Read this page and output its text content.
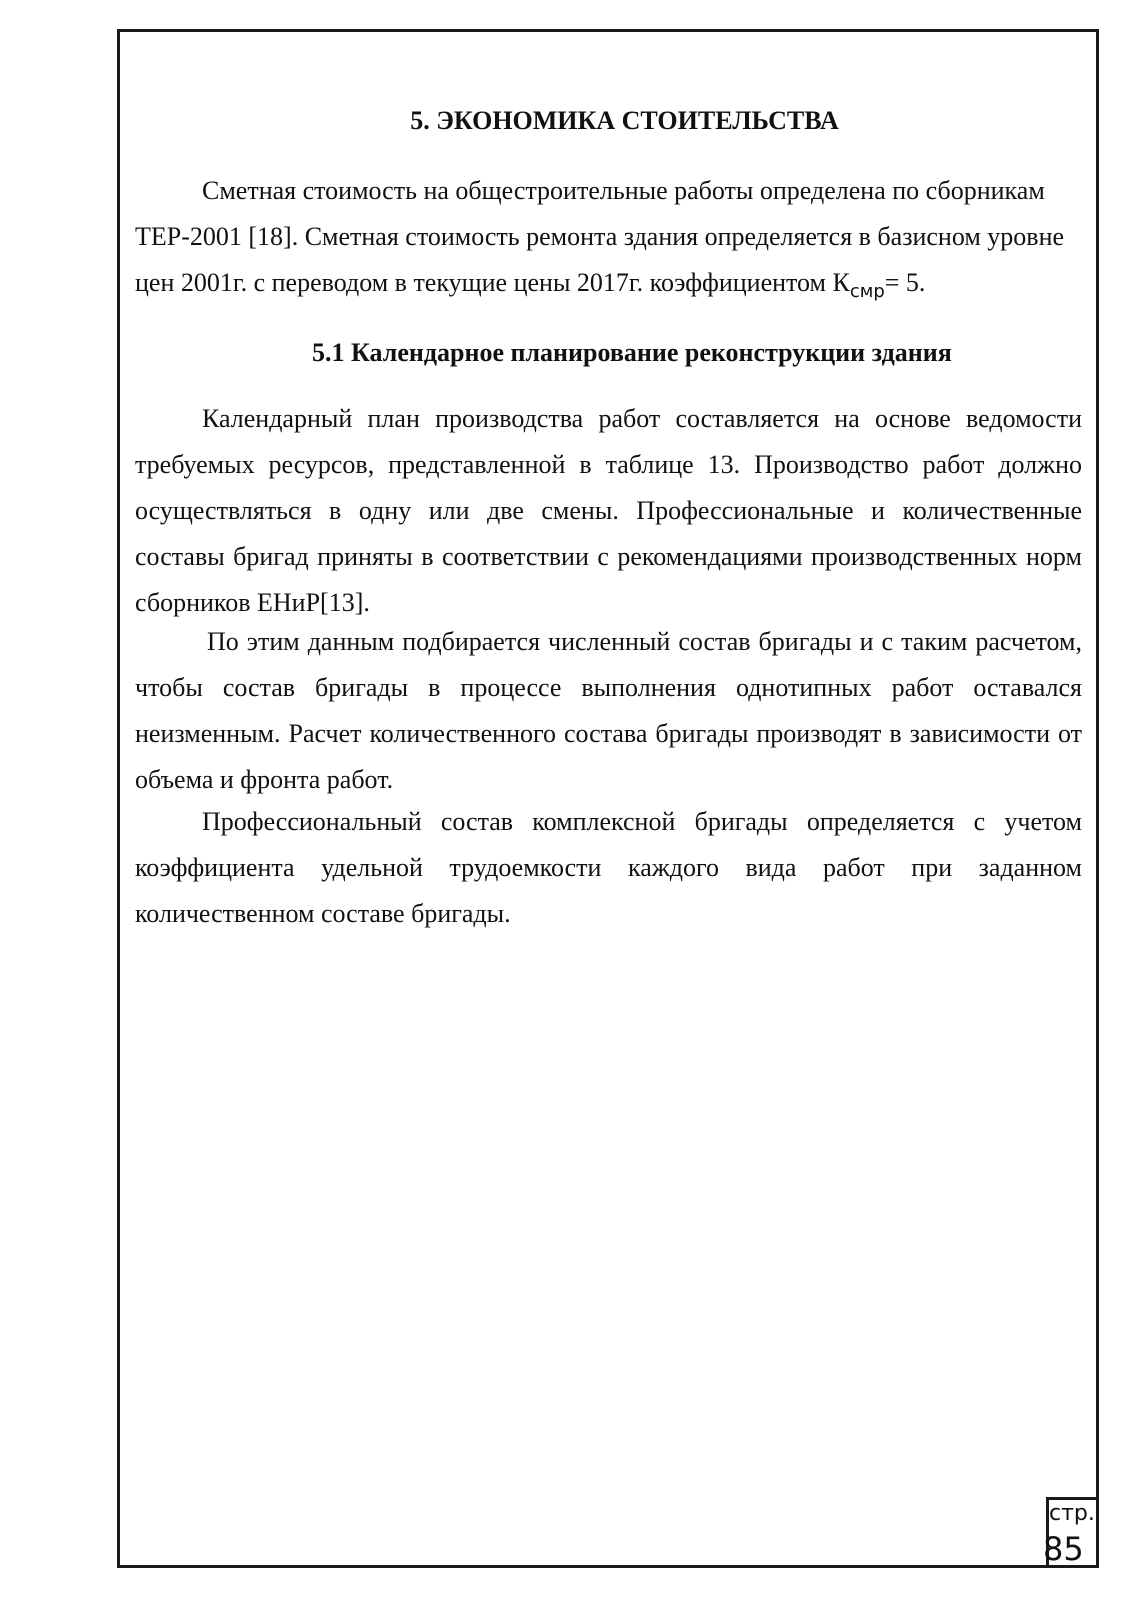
5. ЭКОНОМИКА СТОИТЕЛЬСТВА

Сметная стоимость на общестроительные работы определена по сборникам ТЕР-2001 [18]. Сметная стоимость ремонта здания определяется в базисном уровне цен 2001г. с переводом в текущие цены 2017г. коэффициентом $К_{смр}= 5$.

5.1 Календарное планирование реконструкции здания

Календарный план производства работ составляется на основе ведомости требуемых ресурсов, представленной в таблице 13. Производство работ должно осуществляться в одну или две смены. Профессиональные и количественные составы бригад приняты в соответствии с рекомендациями производственных норм сборников ЕНиР[13].

По этим данным подбирается численный состав бригады и с таким расчетом, чтобы состав бригады в процессе выполнения однотипных работ оставался неизменным. Расчет количественного состава бригады производят в зависимости от объема и фронта работ.

Профессиональный состав комплексной бригады определяется с учетом коэффициента удельной трудоемкости каждого вида работ при заданном количественном составе бригады.

стр.
85
